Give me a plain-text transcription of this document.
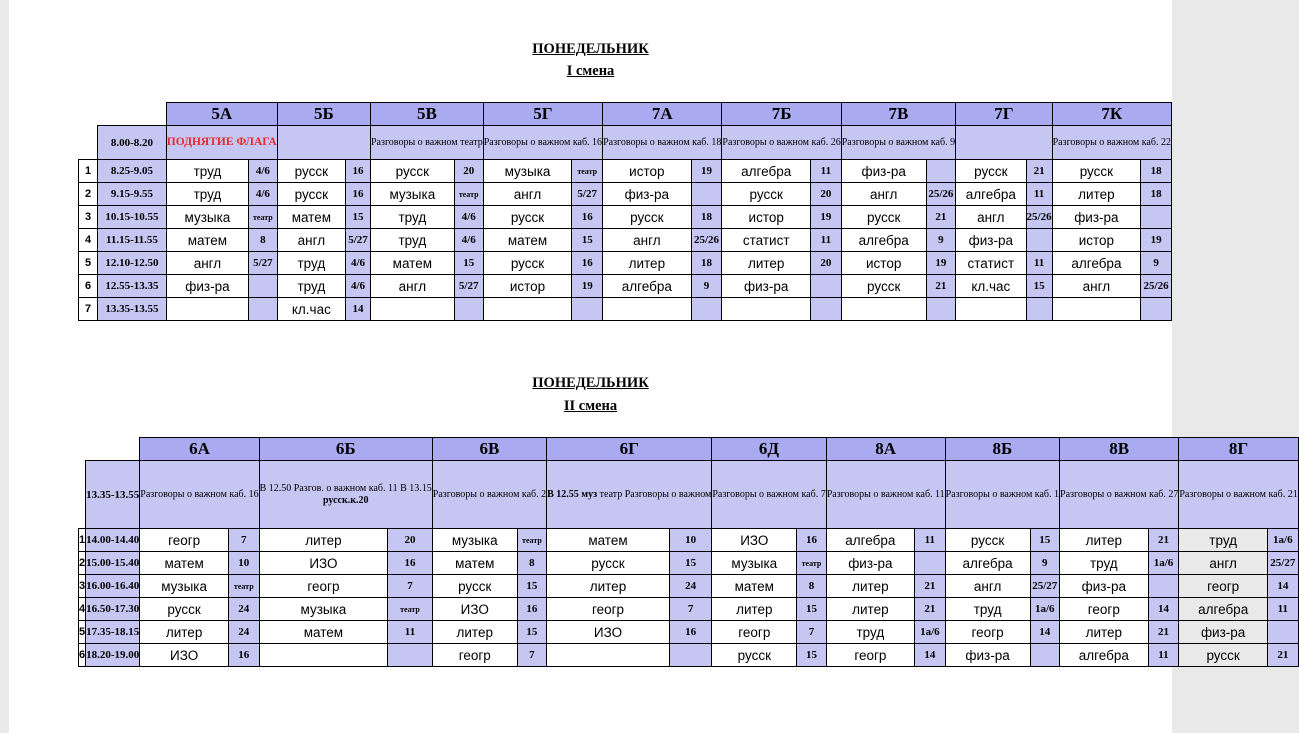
ПОНЕДЕЛЬНИК
I смена
		5А		5Б		5В		5Г		7А		7Б		7В		7Г		7К	
	8.00-8.20	ПОДНЯТИЕ ФЛАГА				Разговоры о важном театр		Разговоры о важном каб. 16		Разговоры о важном каб. 18		Разговоры о важном каб. 26		Разговоры о важном каб. 9				Разговоры о важном каб. 22	
1	8.25-9.05	труд	4/6	русск	16	русск	20	музыка	театр	истор	19	алгебра	11	физ-ра		русск	21	русск	18
2	9.15-9.55	труд	4/6	русск	16	музыка	театр	англ	5/27	физ-ра		русск	20	англ	25/26	алгебра	11	литер	18
3	10.15-10.55	музыка	театр	матем	15	труд	4/6	русск	16	русск	18	истор	19	русск	21	англ	25/26	физ-ра	
4	11.15-11.55	матем	8	англ	5/27	труд	4/6	матем	15	англ	25/26	статист	11	алгебра	9	физ-ра		истор	19
5	12.10-12.50	англ	5/27	труд	4/6	матем	15	русск	16	литер	18	литер	20	истор	19	статист	11	алгебра	9
6	12.55-13.35	физ-ра		труд	4/6	англ	5/27	истор	19	алгебра	9	физ-ра		русск	21	кл.час	15	англ	25/26
7	13.35-13.55			кл.час	14														
ПОНЕДЕЛЬНИК
II смена
		6А		6Б		6В		6Г		6Д		8А		8Б		8В		8Г	
	13.35-13.55	Разговоры о важном каб. 16		В 12.50 Разгов. о важном каб. 11 В 13.15
русск.к.20		Разговоры о важном каб. 2		В 12.55 муз театр Разговоры о важном		Разговоры о важном каб. 7		Разговоры о важном каб. 11		Разговоры о важном каб. 1		Разговоры о важном каб. 27		Разговоры о важном каб. 21	
1	14.00-14.40	геогр	7	литер	20	музыка	театр	матем	10	ИЗО	16	алгебра	11	русск	15	литер	21	труд	1а/6
2	15.00-15.40	матем	10	ИЗО	16	матем	8	русск	15	музыка	театр	физ-ра		алгебра	9	труд	1а/6	англ	25/27
3	16.00-16.40	музыка	театр	геогр	7	русск	15	литер	24	матем	8	литер	21	англ	25/27	физ-ра		геогр	14
4	16.50-17.30	русск	24	музыка	театр	ИЗО	16	геогр	7	литер	15	литер	21	труд	1а/6	геогр	14	алгебра	11
5	17.35-18.15	литер	24	матем	11	литер	15	ИЗО	16	геогр	7	труд	1а/6	геогр	14	литер	21	физ-ра	
6	18.20-19.00	ИЗО	16			геогр	7			русск	15	геогр	14	физ-ра		алгебра	11	русск	21
